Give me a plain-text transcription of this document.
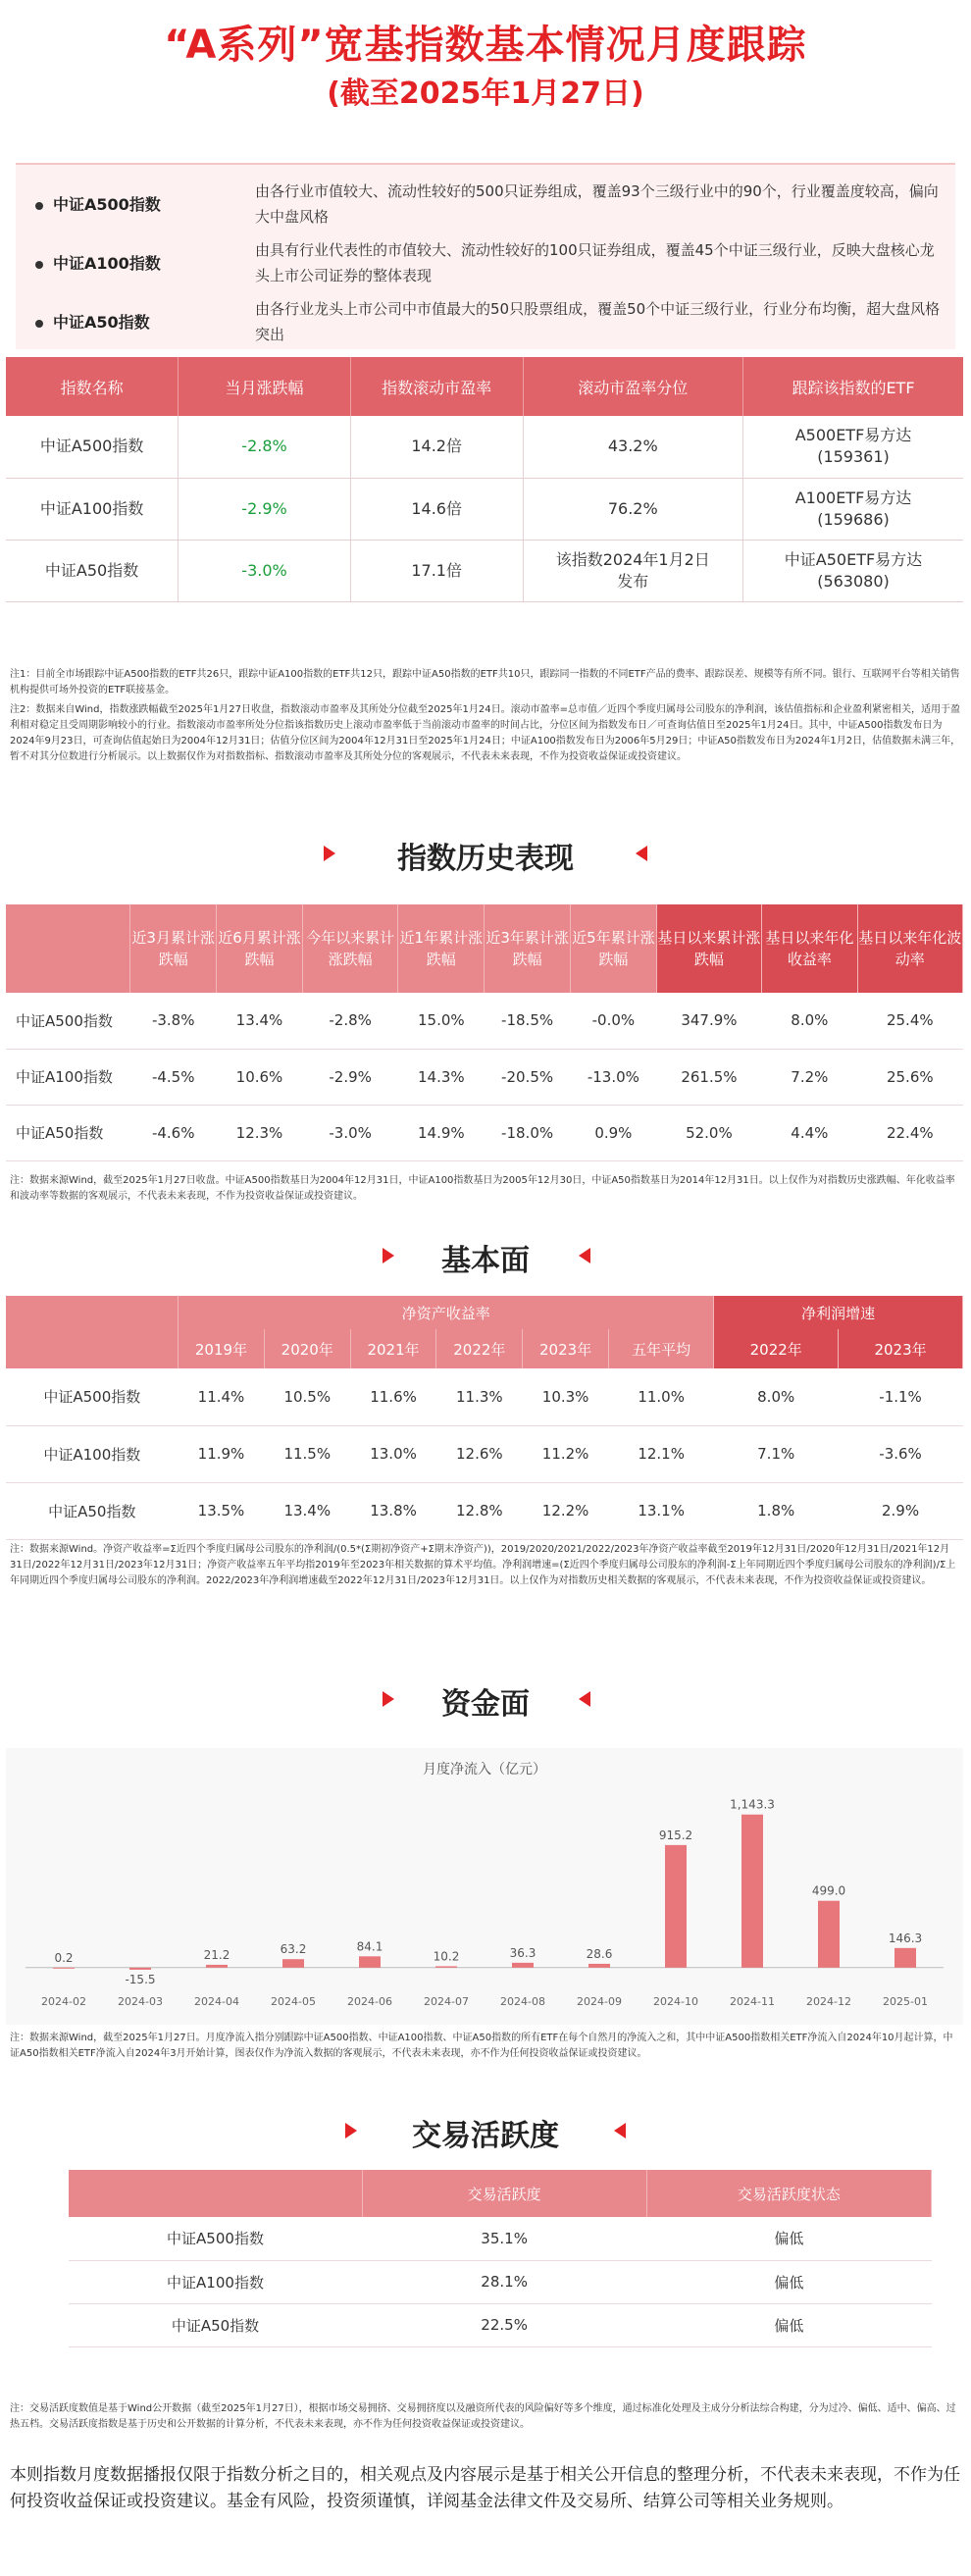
“A系列”宽基指数基本情况月度跟踪
(截至2025年1月27日)
中证A500指数
由各行业市值较大、流动性较好的500只证券组成，覆盖93个三级行业中的90个，行业覆盖度较高，偏向大中盘风格
中证A100指数
由具有行业代表性的市值较大、流动性较好的100只证券组成，覆盖45个中证三级行业，反映大盘核心龙头上市公司证券的整体表现
中证A50指数
由各行业龙头上市公司中市值最大的50只股票组成，覆盖50个中证三级行业，行业分布均衡，超大盘风格突出
指数名称	当月涨跌幅	指数滚动市盈率	滚动市盈率分位	跟踪该指数的ETF
中证A500指数	-2.8%	14.2倍	43.2%	A500ETF易方达
(159361)

中证A100指数	-2.9%	14.6倍	76.2%	A100ETF易方达
(159686)

中证A50指数	-3.0%	17.1倍	该指数2024年1月2日发布	中证A50ETF易方达
(563080)
注1：目前全市场跟踪中证A500指数的ETF共26只，跟踪中证A100指数的ETF共12只，跟踪中证A50指数的ETF共10只，跟踪同一指数的不同ETF产品的费率、跟踪误差、规模等有所不同。银行、互联网平台等相关销售机构提供可场外投资的ETF联接基金。
注2：数据来自Wind，指数涨跌幅截至2025年1月27日收盘，指数滚动市盈率及其所处分位截至2025年1月24日。滚动市盈率=总市值／近四个季度归属母公司股东的净利润，该估值指标和企业盈利紧密相关，适用于盈利相对稳定且受周期影响较小的行业。指数滚动市盈率所处分位指该指数历史上滚动市盈率低于当前滚动市盈率的时间占比，分位区间为指数发布日／可查询估值日至2025年1月24日。其中，中证A500指数发布日为2024年9月23日，可查询估值起始日为2004年12月31日；估值分位区间为2004年12月31日至2025年1月24日；中证A100指数发布日为2006年5月29日；中证A50指数发布日为2024年1月2日，估值数据未满三年，暂不对其分位数进行分析展示。以上数据仅作为对指数指标、指数滚动市盈率及其所处分位的客观展示，不代表未来表现，不作为投资收益保证或投资建议。
指数历史表现
	近3月累计涨跌幅	近6月累计涨跌幅	今年以来累计涨跌幅	近1年累计涨跌幅	近3年累计涨跌幅	近5年累计涨跌幅	基日以来累计涨跌幅	基日以来年化收益率	基日以来年化波动率
中证A500指数	-3.8%	13.4%	-2.8%	15.0%	-18.5%	-0.0%	347.9%	8.0%	25.4%
中证A100指数	-4.5%	10.6%	-2.9%	14.3%	-20.5%	-13.0%	261.5%	7.2%	25.6%
中证A50指数	-4.6%	12.3%	-3.0%	14.9%	-18.0%	0.9%	52.0%	4.4%	22.4%
注：数据来源Wind，截至2025年1月27日收盘。中证A500指数基日为2004年12月31日，中证A100指数基日为2005年12月30日，中证A50指数基日为2014年12月31日。以上仅作为对指数历史涨跌幅、年化收益率和波动率等数据的客观展示，不代表未来表现，不作为投资收益保证或投资建议。
基本面
	净资产收益率						净利润增速	
	2019年	2020年	2021年	2022年	2023年	五年平均	2022年	2023年
中证A500指数	11.4%	10.5%	11.6%	11.3%	10.3%	11.0%	8.0%	-1.1%
中证A100指数	11.9%	11.5%	13.0%	12.6%	11.2%	12.1%	7.1%	-3.6%
中证A50指数	13.5%	13.4%	13.8%	12.8%	12.2%	13.1%	1.8%	2.9%
注：数据来源Wind。净资产收益率=Σ近四个季度归属母公司股东的净利润/(0.5*(Σ期初净资产+Σ期末净资产))，2019/2020/2021/2022/2023年净资产收益率截至2019年12月31日/2020年12月31日/2021年12月31日/2022年12月31日/2023年12月31日；净资产收益率五年平均指2019年至2023年相关数据的算术平均值。净利润增速=(Σ近四个季度归属母公司股东的净利润-Σ上年同期近四个季度归属母公司股东的净利润)/Σ上年同期近四个季度归属母公司股东的净利润。2022/2023年净利润增速截至2022年12月31日/2023年12月31日。以上仅作为对指数历史相关数据的客观展示，不代表未来表现，不作为投资收益保证或投资建议。
资金面
月度净流入（亿元）
0.2
2024-02
-15.5
2024-03
21.2
2024-04
63.2
2024-05
84.1
2024-06
10.2
2024-07
36.3
2024-08
28.6
2024-09
915.2
2024-10
1,143.3
2024-11
499.0
2024-12
146.3
2025-01
注：数据来源Wind，截至2025年1月27日。月度净流入指分别跟踪中证A500指数、中证A100指数、中证A50指数的所有ETF在每个自然月的净流入之和，其中中证A500指数相关ETF净流入自2024年10月起计算，中证A50指数相关ETF净流入自2024年3月开始计算，图表仅作为净流入数据的客观展示，不代表未来表现，亦不作为任何投资收益保证或投资建议。
交易活跃度
	交易活跃度	交易活跃度状态
中证A500指数	35.1%	偏低
中证A100指数	28.1%	偏低
中证A50指数	22.5%	偏低
注：交易活跃度数值是基于Wind公开数据（截至2025年1月27日），根据市场交易拥挤、交易拥挤度以及融资所代表的风险偏好等多个维度，通过标准化处理及主成分分析法综合构建，分为过冷、偏低、适中、偏高、过热五档。交易活跃度指数是基于历史和公开数据的计算分析，不代表未来表现，亦不作为任何投资收益保证或投资建议。
本则指数月度数据播报仅限于指数分析之目的，相关观点及内容展示是基于相关公开信息的整理分析，不代表未来表现，不作为任何投资收益保证或投资建议。基金有风险，投资须谨慎，详阅基金法律文件及交易所、结算公司等相关业务规则。
